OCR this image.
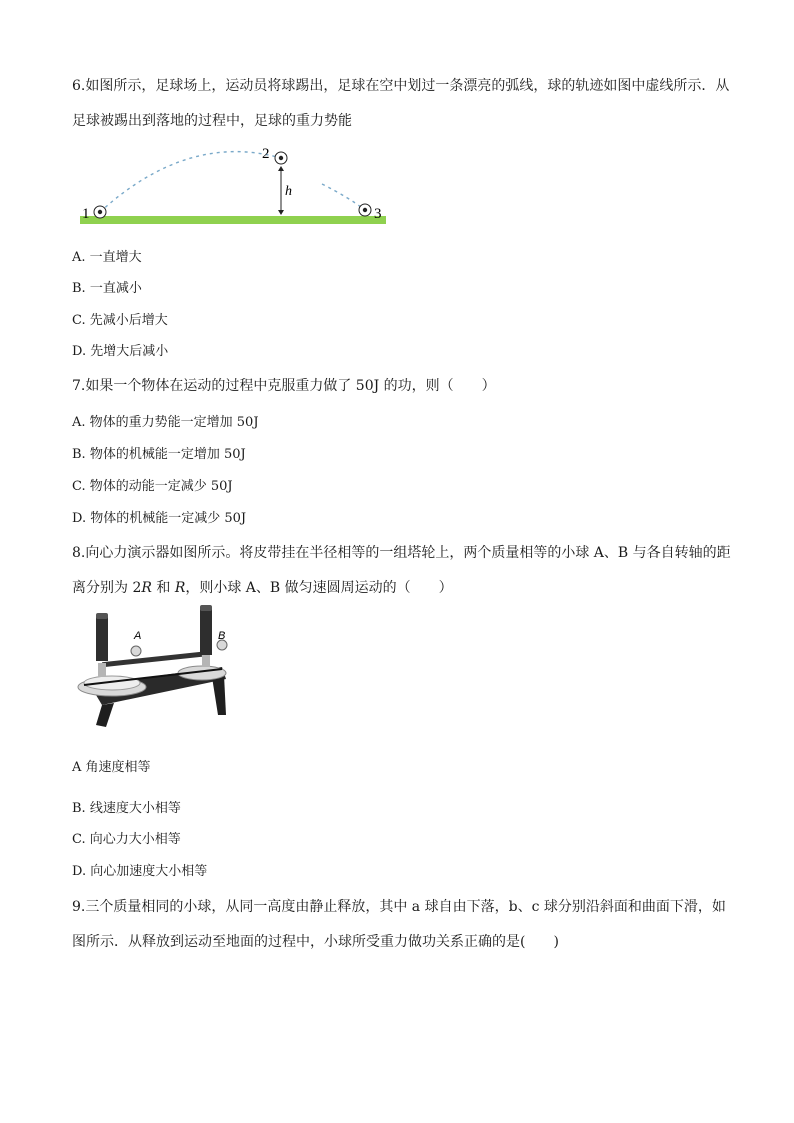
6.如图所示，足球场上，运动员将球踢出，足球在空中划过一条漂亮的弧线，球的轨迹如图中虚线所示．从
足球被踢出到落地的过程中，足球的重力势能
1
2
3
h
A. 一直增大
B. 一直减小
C. 先减小后增大
D. 先增大后减小
7.如果一个物体在运动的过程中克服重力做了 50J 的功，则（　　）
A. 物体的重力势能一定增加 50J
B. 物体的机械能一定增加 50J
C. 物体的动能一定减少 50J
D. 物体的机械能一定减少 50J
8.向心力演示器如图所示。将皮带挂在半径相等的一组塔轮上，两个质量相等的小球 A、B 与各自转轴的距
离分别为 2R 和 R，则小球 A、B 做匀速圆周运动的（　　）
A	B
A 角速度相等
B. 线速度大小相等
C. 向心力大小相等
D. 向心加速度大小相等
9.三个质量相同的小球，从同一高度由静止释放，其中 a 球自由下落，b、c 球分别沿斜面和曲面下滑，如
图所示．从释放到运动至地面的过程中，小球所受重力做功关系正确的是(　　)
